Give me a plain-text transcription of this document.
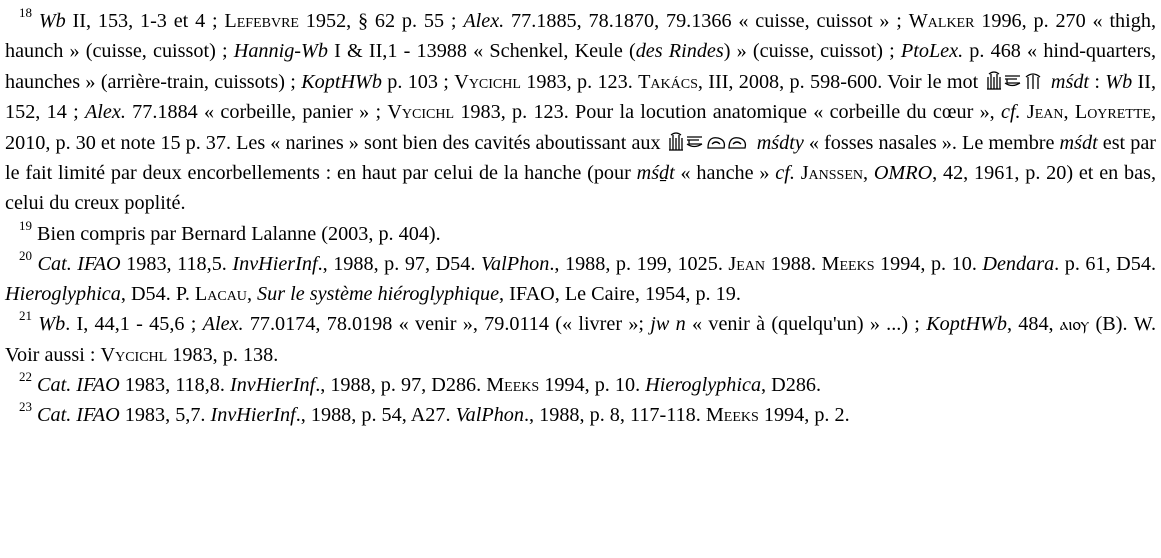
$^{18}$ Wb II, 153, 1-3 et 4 ; Lefebvre 1952, § 62 p. 55 ; Alex. 77.1885, 78.1870, 79.1366 « cuisse, cuissot » ; Walker 1996, p. 270 « thigh, haunch » (cuisse, cuissot) ; Hannig-Wb I & II,1 - 13988 « Schenkel, Keule (des Rindes) » (cuisse, cuissot) ; PtoLex. p. 468 « hind-quarters, haunches » (arrière-train, cuissots) ; KoptHWb p. 103 ; Vycichl 1983, p. 123. Takács, III, 2008, p. 598-600. Voir le mot	mśdt : Wb II, 152, 14 ; Alex. 77.1884 « corbeille, panier » ; Vycichl 1983, p. 123. Pour la locution anatomique « corbeille du cœur », cf. Jean, Loyrette, 2010, p. 30 et note 15 p. 37. Les « narines » sont bien des cavités aboutissant aux	mśdty « fosses nasales ». Le membre mśdt est par le fait limité par deux encorbellements : en haut par celui de la hanche (pour mśḏt « hanche » cf. Janssen, OMRO, 42, 1961, p. 20) et en bas, celui du creux poplité.

$^{19}$ Bien compris par Bernard Lalanne (2003, p. 404).

$^{20}$ Cat. IFAO 1983, 118,5. InvHierInf., 1988, p. 97, D54. ValPhon., 1988, p. 199, 1025. Jean 1988. Meeks 1994, p. 10. Dendara. p. 61, D54. Hieroglyphica, D54. P. Lacau, Sur le système hiéroglyphique, IFAO, Le Caire, 1954, p. 19.

$^{21}$ Wb. I, 44,1 - 45,6 ; Alex. 77.0174, 78.0198 « venir », 79.0114 (« livrer »; jw n « venir à (quelqu'un) » ...) ; KoptHWb, 484, ⲁⲓⲟⲩ (B). W. Voir aussi : Vycichl 1983, p. 138.

$^{22}$ Cat. IFAO 1983, 118,8. InvHierInf., 1988, p. 97, D286. Meeks 1994, p. 10. Hieroglyphica, D286.

$^{23}$ Cat. IFAO 1983, 5,7. InvHierInf., 1988, p. 54, A27. ValPhon., 1988, p. 8, 117-118. Meeks 1994, p. 2.
